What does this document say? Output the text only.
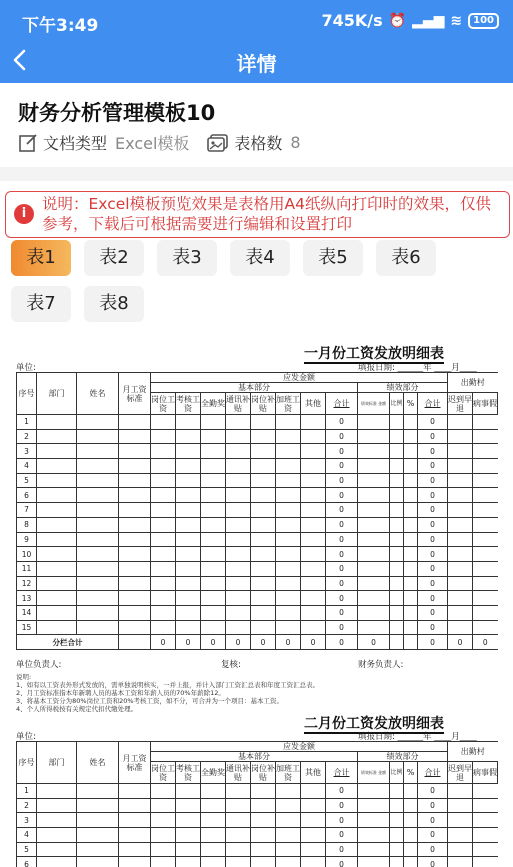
下午3:49	745K/s ⏰ ▂▄▆ ≋	100
详情
财务分析管理模板10
文档类型 Excel模板	表格数 8
i
说明：Excel模板预览效果是表格用A4纸纵向打印时的效果，仅供参考，下载后可根据需要进行编辑和设置打印
表1	表2	表3	表4	表5	表6
表7	表8
一月份工资发放明细表
单位:	填报日期: ______年 ____月____
序号	部门	姓名	月工资标准	应发金额												出勤村	
				基本部分								绩效部分					
				岗位工资	考核工资	全勤奖	通讯补贴	岗位补贴	加班工资	其他	合计	绩效标准 金额	比例	%	合计	迟到早退	病事假
1											0				0		
2											0				0		
3											0				0		
4											0				0		
5											0				0		
6											0				0		
7											0				0		
8											0				0		
9											0				0		
10											0				0		
11											0				0		
12											0				0		
13											0				0		
14											0				0		
15											0				0		
分栏合计				0	0	0	0	0	0	0	0	0			0	0	0
单位负责人:	复核:	财务负责人:
说明:
1、如有以工资表外形式发放的，需单独说明核实，一并上报，并计入部门工资汇总表和年度工资汇总表。
2、月工资标准指本年新聘人员的基本工资和年薪人员的70%年薪除12。
3、将基本工资分为80%岗位工资和20%考核工资，如不分，可合并为一个项目：基本工资。
4、个人所得税按有关规定代扣代缴处理。
二月份工资发放明细表
单位:	填报日期: ______年 ____月____
序号	部门	姓名	月工资标准	应发金额												出勤村	
				基本部分								绩效部分					
				岗位工资	考核工资	全勤奖	通讯补贴	岗位补贴	加班工资	其他	合计	绩效标准 金额	比例	%	合计	迟到早退	病事假
1											0				0		
2											0				0		
3											0				0		
4											0				0		
5											0				0		
6											0				0		
